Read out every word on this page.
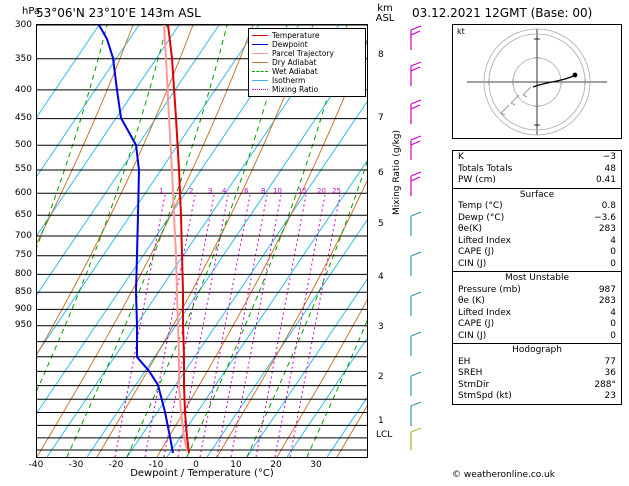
hPa
53°06'N 23°10'E 143m ASL	km
ASL	03.12.2021 12GMT (Base: 00)
1	2 3 4	6 8 10 15 20 25
300
350
400
450
500
550
600
650
700
750
800
850
900
950
-40	-30	-20	-10	0	10	20	30
Dewpoint / Temperature (°C)
Temperature
Dewpoint
Parcel Trajectory
Dry Adiabat
Wet Adiabat
Isotherm
Mixing Ratio
Mixing Ratio (g/kg)
8
7
6
5
4
3
2
1
LCL
kt
K	−3
Totals Totals	48
PW (cm)	0.41
Surface
Temp (°C)	0.8
Dewp (°C)	−3.6
θe(K)	283
Lifted Index	4
CAPE (J)	0
CIN (J)	0
Most Unstable
Pressure (mb)	987
θe (K)	283
Lifted Index	4
CAPE (J)	0
CIN (J)	0
Hodograph
EH	77
SREH	36
StmDir	288°
StmSpd (kt)	23
© weatheronline.co.uk
